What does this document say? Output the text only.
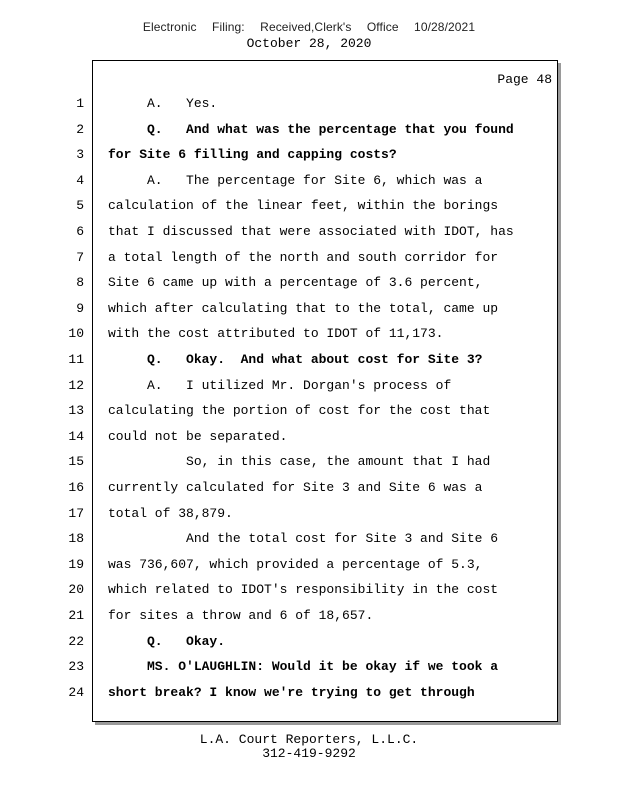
Electronic Filing: Received,Clerk's Office 10/28/2021
October 28, 2020
Page 48
1 A.   Yes.
2 Q.   And what was the percentage that you found
3 for Site 6 filling and capping costs?
4 A.   The percentage for Site 6, which was a
5 calculation of the linear feet, within the borings
6 that I discussed that were associated with IDOT, has
7 a total length of the north and south corridor for
8 Site 6 came up with a percentage of 3.6 percent,
9 which after calculating that to the total, came up
10 with the cost attributed to IDOT of 11,173.
11 Q.   Okay.  And what about cost for Site 3?
12 A.   I utilized Mr. Dorgan's process of
13 calculating the portion of cost for the cost that
14 could not be separated.
15 So, in this case, the amount that I had
16 currently calculated for Site 3 and Site 6 was a
17 total of 38,879.
18 And the total cost for Site 3 and Site 6
19 was 736,607, which provided a percentage of 5.3,
20 which related to IDOT's responsibility in the cost
21 for sites a throw and 6 of 18,657.
22 Q.   Okay.
23 MS. O'LAUGHLIN: Would it be okay if we took a
24 short break? I know we're trying to get through
L.A. Court Reporters, L.L.C.
312-419-9292
